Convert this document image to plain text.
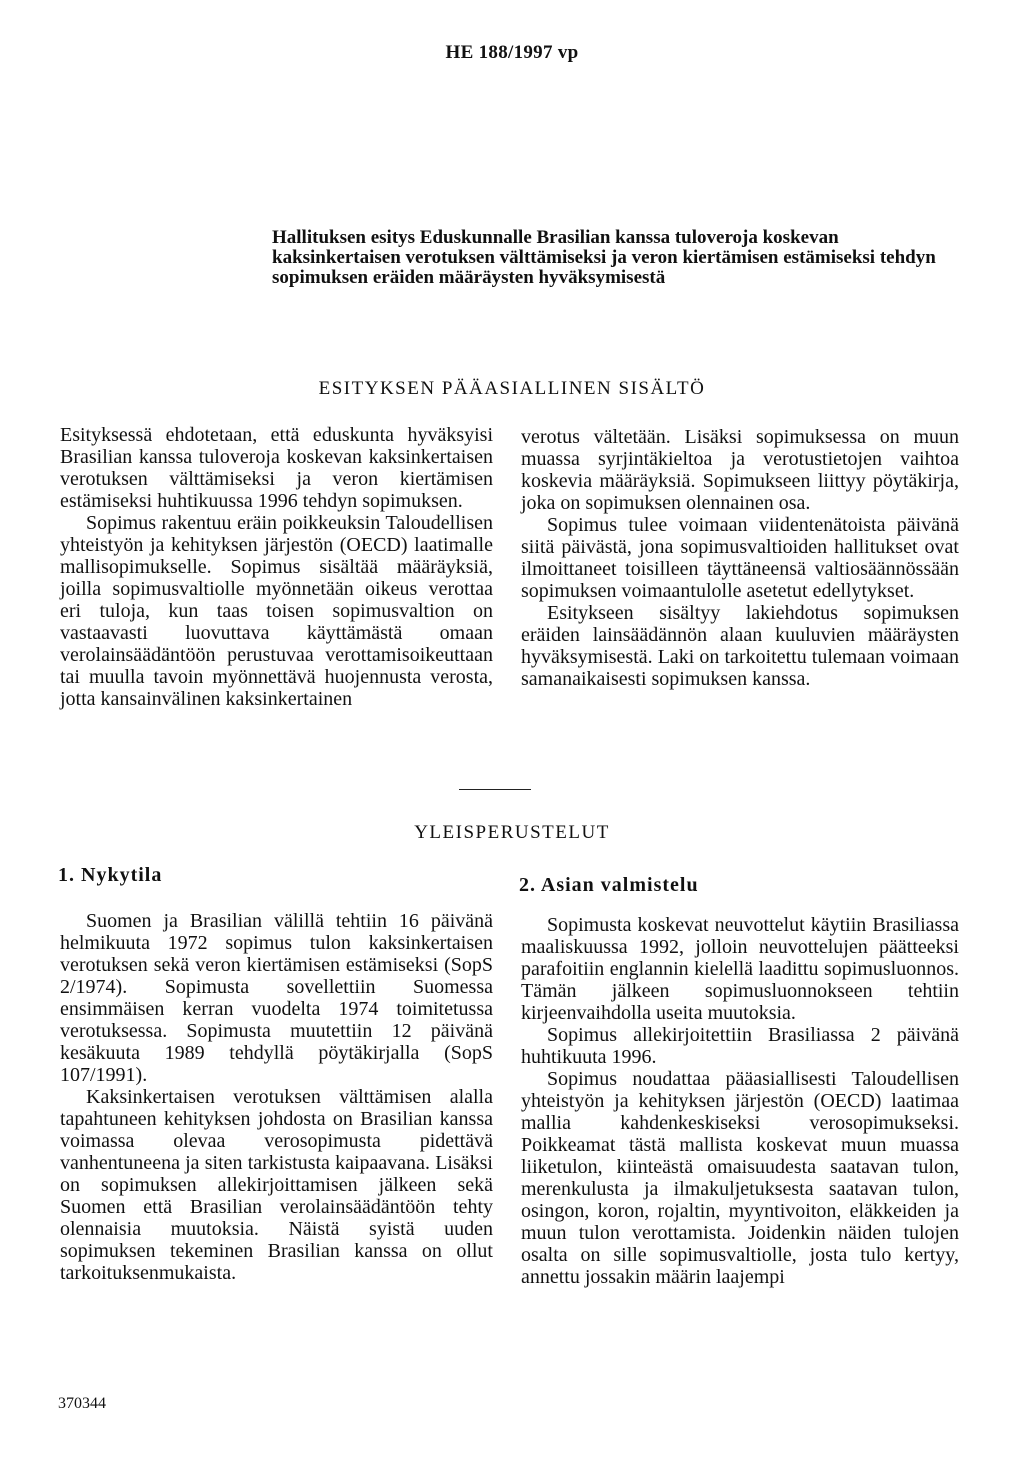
HE 188/1997 vp
Hallituksen esitys Eduskunnalle Brasilian kanssa tuloveroja koskevan kaksinkertaisen verotuksen välttämiseksi ja veron kiertämisen estämiseksi tehdyn sopimuksen eräiden määräysten hyväksymisestä
ESITYKSEN PÄÄASIALLINEN SISÄLTÖ

Esityksessä ehdotetaan, että eduskunta hyväksyisi Brasilian kanssa tuloveroja koskevan kaksinkertaisen verotuksen välttämiseksi ja veron kiertämisen estämiseksi huhtikuussa 1996 tehdyn sopimuksen.

Sopimus rakentuu eräin poikkeuksin Taloudellisen yhteistyön ja kehityksen järjestön (OECD) laatimalle mallisopimukselle. Sopimus sisältää määräyksiä, joilla sopimusvaltiolle myönnetään oikeus verottaa eri tuloja, kun taas toisen sopimusvaltion on vastaavasti luovuttava käyttämästä omaan verolainsäädäntöön perustuvaa verottamisoikeuttaan tai muulla tavoin myönnettävä huojennusta verosta, jotta kansainvälinen kaksinkertainen

verotus vältetään. Lisäksi sopimuksessa on muun muassa syrjintäkieltoa ja verotustietojen vaihtoa koskevia määräyksiä. Sopimukseen liittyy pöytäkirja, joka on sopimuksen olennainen osa.

Sopimus tulee voimaan viidentenätoista päivänä siitä päivästä, jona sopimusvaltioiden hallitukset ovat ilmoittaneet toisilleen täyttäneensä valtiosäännössään sopimuksen voimaantulolle asetetut edellytykset.

Esitykseen sisältyy lakiehdotus sopimuksen eräiden lainsäädännön alaan kuuluvien määräysten hyväksymisestä. Laki on tarkoitettu tulemaan voimaan samanaikaisesti sopimuksen kanssa.

YLEISPERUSTELUT
1. Nykytila	2. Asian valmistelu

Suomen ja Brasilian välillä tehtiin 16 päivänä helmikuuta 1972 sopimus tulon kaksinkertaisen verotuksen sekä veron kiertämisen estämiseksi (SopS 2/1974). Sopimusta sovellettiin Suomessa ensimmäisen kerran vuodelta 1974 toimitetussa verotuksessa. Sopimusta muutettiin 12 päivänä kesäkuuta 1989 tehdyllä pöytäkirjalla (SopS 107/1991).

Kaksinkertaisen verotuksen välttämisen alalla tapahtuneen kehityksen johdosta on Brasilian kanssa voimassa olevaa verosopimusta pidettävä vanhentuneena ja siten tarkistusta kaipaavana. Lisäksi on sopimuksen allekirjoittamisen jälkeen sekä Suomen että Brasilian verolainsäädäntöön tehty olennaisia muutoksia. Näistä syistä uuden sopimuksen tekeminen Brasilian kanssa on ollut tarkoituksenmukaista.

Sopimusta koskevat neuvottelut käytiin Brasiliassa maaliskuussa 1992, jolloin neuvottelujen päätteeksi parafoitiin englannin kielellä laadittu sopimusluonnos. Tämän jälkeen sopimusluonnokseen tehtiin kirjeenvaihdolla useita muutoksia.

Sopimus allekirjoitettiin Brasiliassa 2 päivänä huhtikuuta 1996.

Sopimus noudattaa pääasiallisesti Taloudellisen yhteistyön ja kehityksen järjestön (OECD) laatimaa mallia kahdenkeskiseksi verosopimukseksi. Poikkeamat tästä mallista koskevat muun muassa liiketulon, kiinteästä omaisuudesta saatavan tulon, merenkulusta ja ilmakuljetuksesta saatavan tulon, osingon, koron, rojaltin, myyntivoiton, eläkkeiden ja muun tulon verottamista. Joidenkin näiden tulojen osalta on sille sopimusvaltiolle, josta tulo kertyy, annettu jossakin määrin laajempi

370344
